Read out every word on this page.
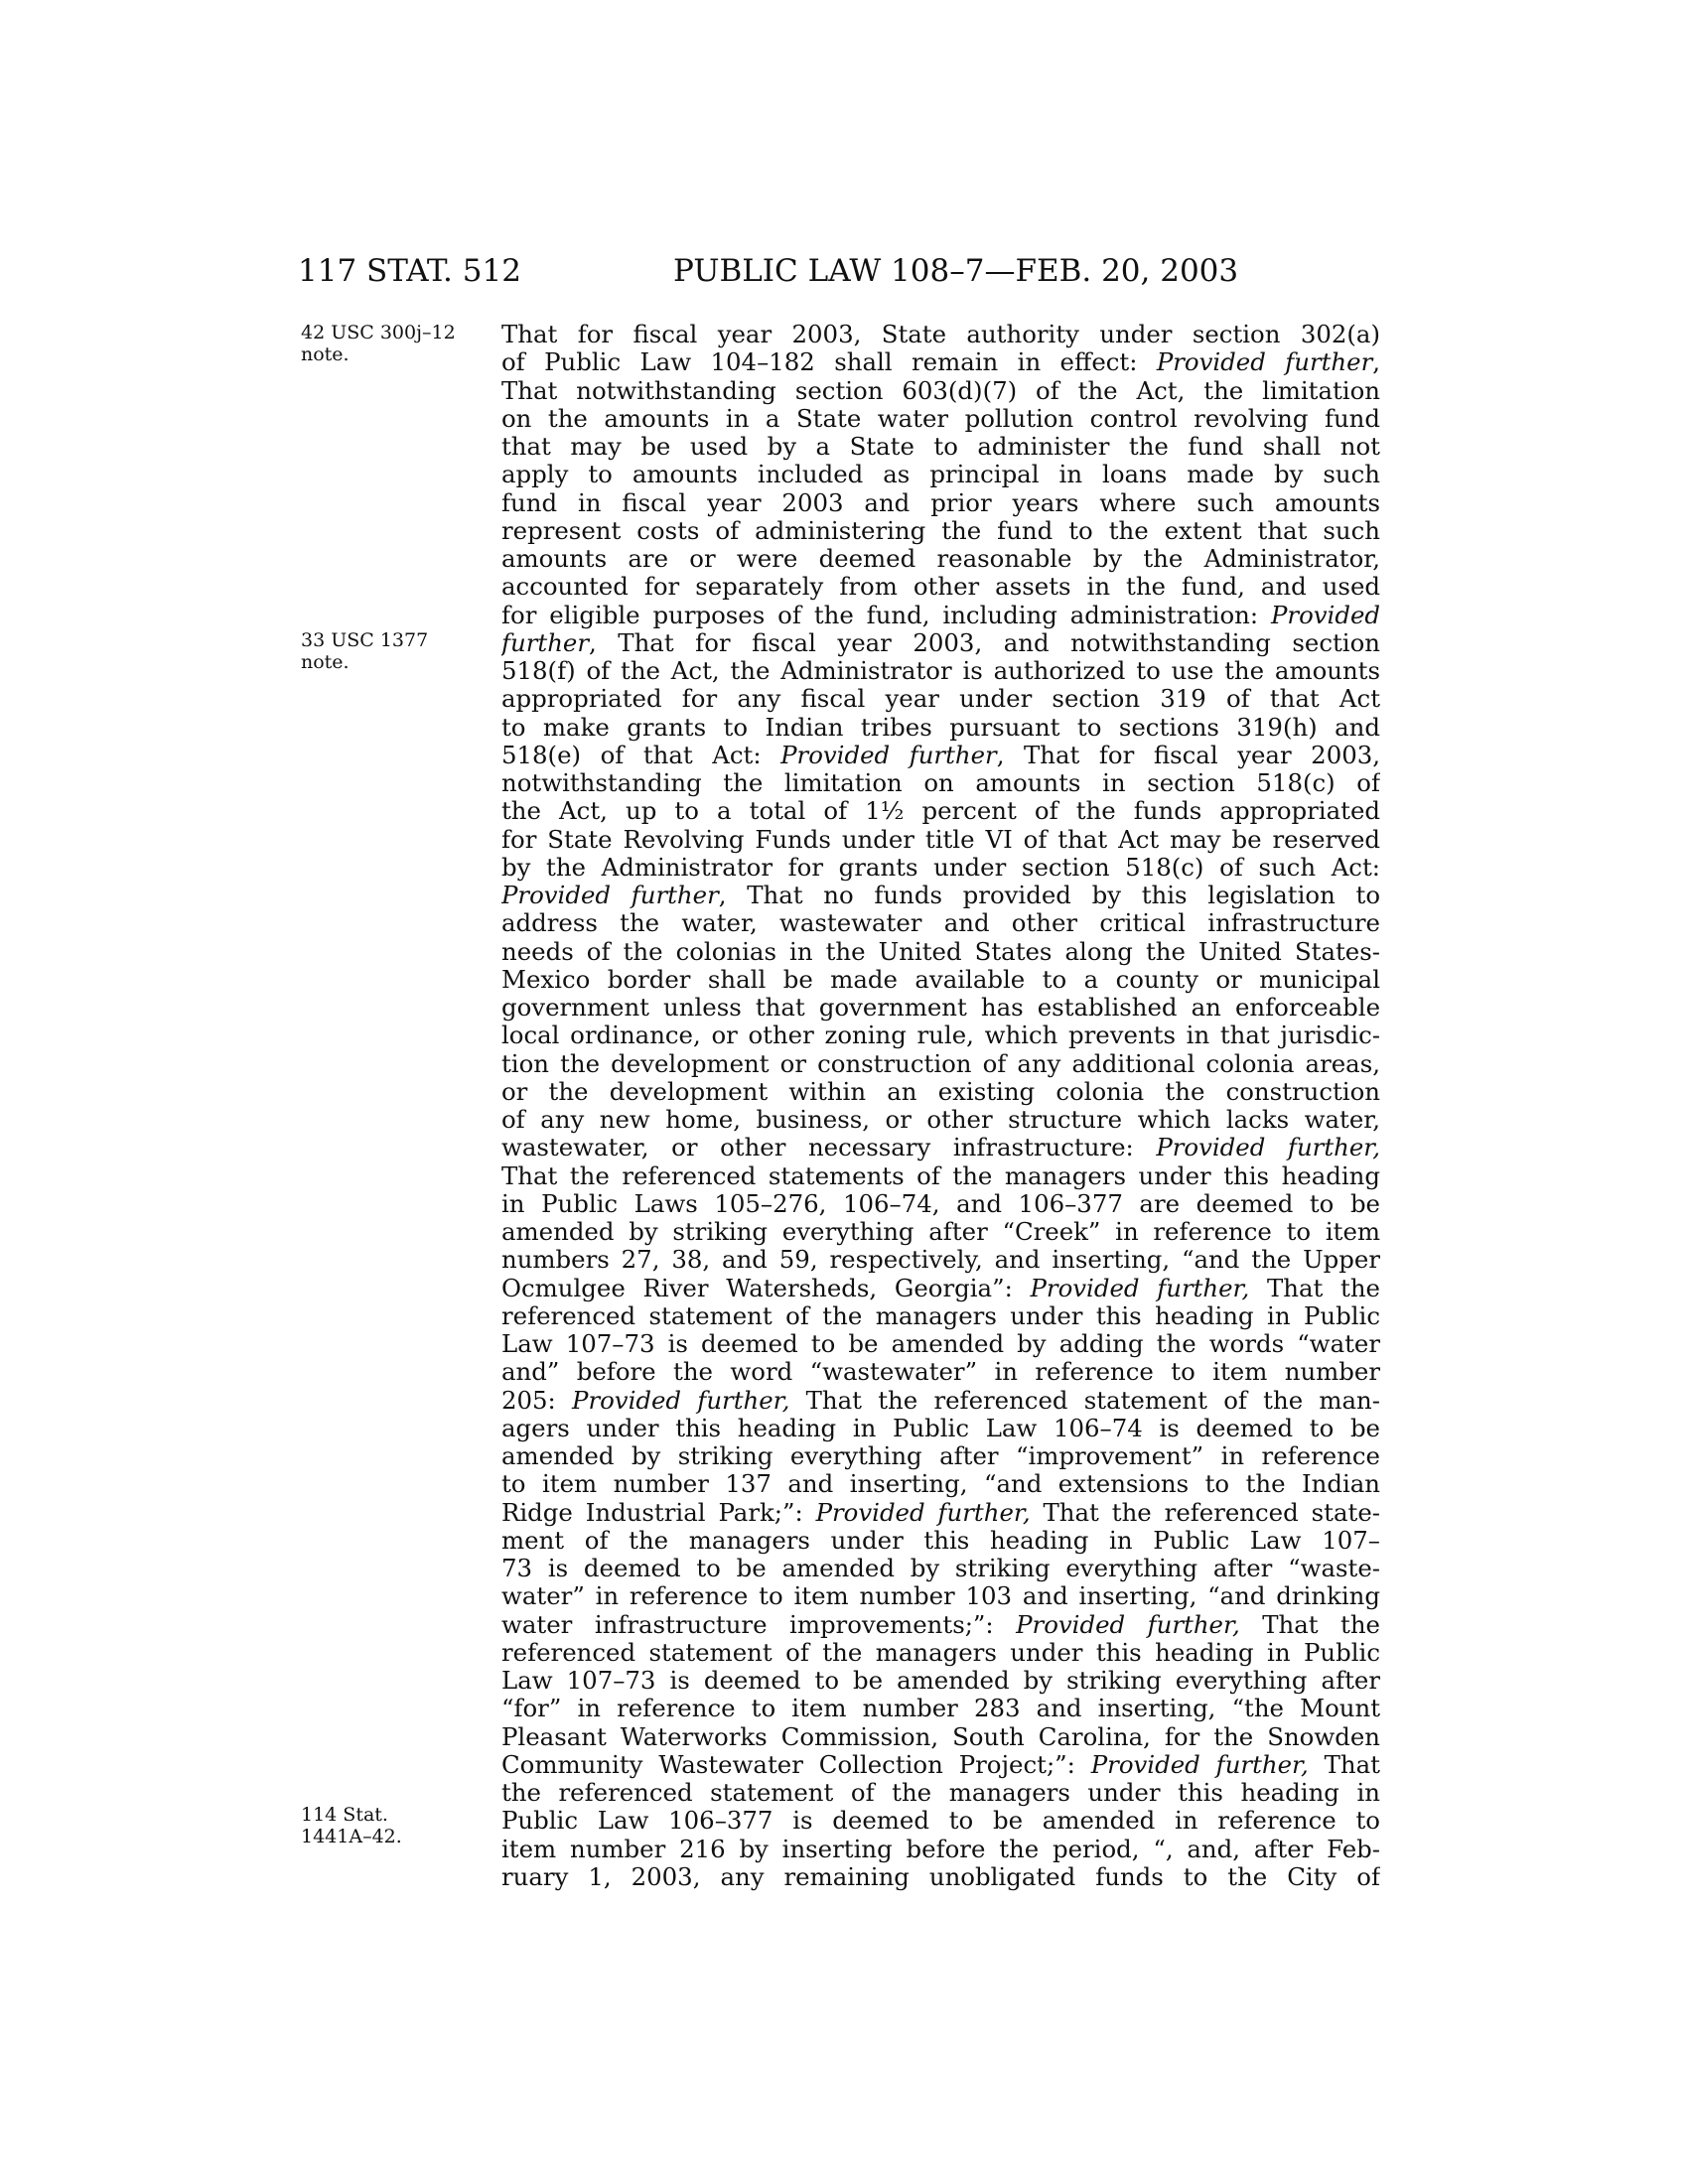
117 STAT. 512	PUBLIC LAW 108–7—FEB. 20, 2003
42 USC 300j–12
note.
33 USC 1377
note.
114 Stat.
1441A–42.
That for fiscal year 2003, State authority under section 302(a)
of Public Law 104–182 shall remain in effect: Provided further,
That notwithstanding section 603(d)(7) of the Act, the limitation
on the amounts in a State water pollution control revolving fund
that may be used by a State to administer the fund shall not
apply to amounts included as principal in loans made by such
fund in fiscal year 2003 and prior years where such amounts
represent costs of administering the fund to the extent that such
amounts are or were deemed reasonable by the Administrator,
accounted for separately from other assets in the fund, and used
for eligible purposes of the fund, including administration: Provided
further, That for fiscal year 2003, and notwithstanding section
518(f) of the Act, the Administrator is authorized to use the amounts
appropriated for any fiscal year under section 319 of that Act
to make grants to Indian tribes pursuant to sections 319(h) and
518(e) of that Act: Provided further, That for fiscal year 2003,
notwithstanding the limitation on amounts in section 518(c) of
the Act, up to a total of 1½ percent of the funds appropriated
for State Revolving Funds under title VI of that Act may be reserved
by the Administrator for grants under section 518(c) of such Act:
Provided further, That no funds provided by this legislation to
address the water, wastewater and other critical infrastructure
needs of the colonias in the United States along the United States-
Mexico border shall be made available to a county or municipal
government unless that government has established an enforceable
local ordinance, or other zoning rule, which prevents in that jurisdic-
tion the development or construction of any additional colonia areas,
or the development within an existing colonia the construction
of any new home, business, or other structure which lacks water,
wastewater, or other necessary infrastructure: Provided further,
That the referenced statements of the managers under this heading
in Public Laws 105–276, 106–74, and 106–377 are deemed to be
amended by striking everything after “Creek” in reference to item
numbers 27, 38, and 59, respectively, and inserting, “and the Upper
Ocmulgee River Watersheds, Georgia”: Provided further, That the
referenced statement of the managers under this heading in Public
Law 107–73 is deemed to be amended by adding the words “water
and” before the word “wastewater” in reference to item number
205: Provided further, That the referenced statement of the man-
agers under this heading in Public Law 106–74 is deemed to be
amended by striking everything after “improvement” in reference
to item number 137 and inserting, “and extensions to the Indian
Ridge Industrial Park;”: Provided further, That the referenced state-
ment of the managers under this heading in Public Law 107–
73 is deemed to be amended by striking everything after “waste-
water” in reference to item number 103 and inserting, “and drinking
water infrastructure improvements;”: Provided further, That the
referenced statement of the managers under this heading in Public
Law 107–73 is deemed to be amended by striking everything after
“for” in reference to item number 283 and inserting, “the Mount
Pleasant Waterworks Commission, South Carolina, for the Snowden
Community Wastewater Collection Project;”: Provided further, That
the referenced statement of the managers under this heading in
Public Law 106–377 is deemed to be amended in reference to
item number 216 by inserting before the period, “, and, after Feb-
ruary 1, 2003, any remaining unobligated funds to the City of
